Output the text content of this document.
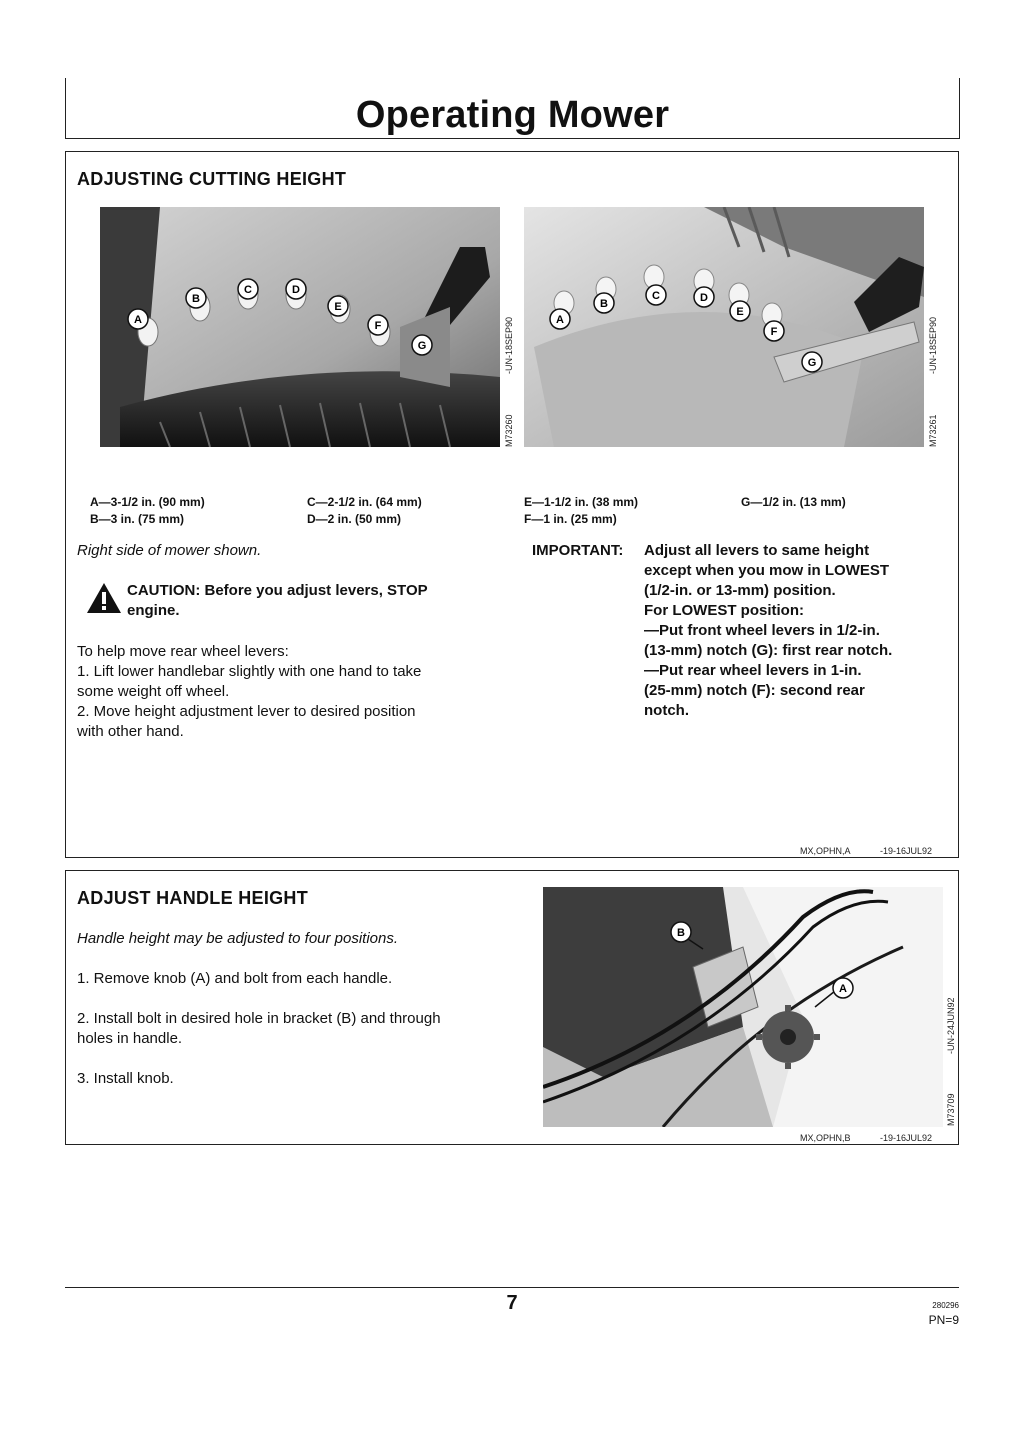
Operating Mower
ADJUSTING CUTTING HEIGHT
A
B
C	D
E
F
G	-UN-18SEP90
M73260
A
B
C	D
E
F
G	-UN-18SEP90
M73261
A—3-1/2 in. (90 mm)
B—3 in. (75 mm)
C—2-1/2 in. (64 mm)
D—2 in. (50 mm)
E—1-1/2 in. (38 mm)
F—1 in. (25 mm)
G—1/2 in. (13 mm)
Right side of mower shown.
CAUTION: Before you adjust levers, STOP
engine.
To help move rear wheel levers:
1. Lift lower handlebar slightly with one hand to take
some weight off wheel.
2. Move height adjustment lever to desired position
with other hand.
IMPORTANT: Adjust all levers to same height
except when you mow in LOWEST
(1/2-in. or 13-mm) position.
For LOWEST position:
—Put front wheel levers in 1/2-in.
(13-mm) notch (G): first rear notch.
—Put rear wheel levers in 1-in.
(25-mm) notch (F): second rear
notch.
MX,OPHN,A	-19-16JUL92
ADJUST HANDLE HEIGHT
Handle height may be adjusted to four positions.
1. Remove knob (A) and bolt from each handle.
2. Install bolt in desired hole in bracket (B) and through
holes in handle.
3. Install knob.
A
B
-UN-24JUN92
M73709
MX,OPHN,B	-19-16JUL92
7	280296
PN=9
